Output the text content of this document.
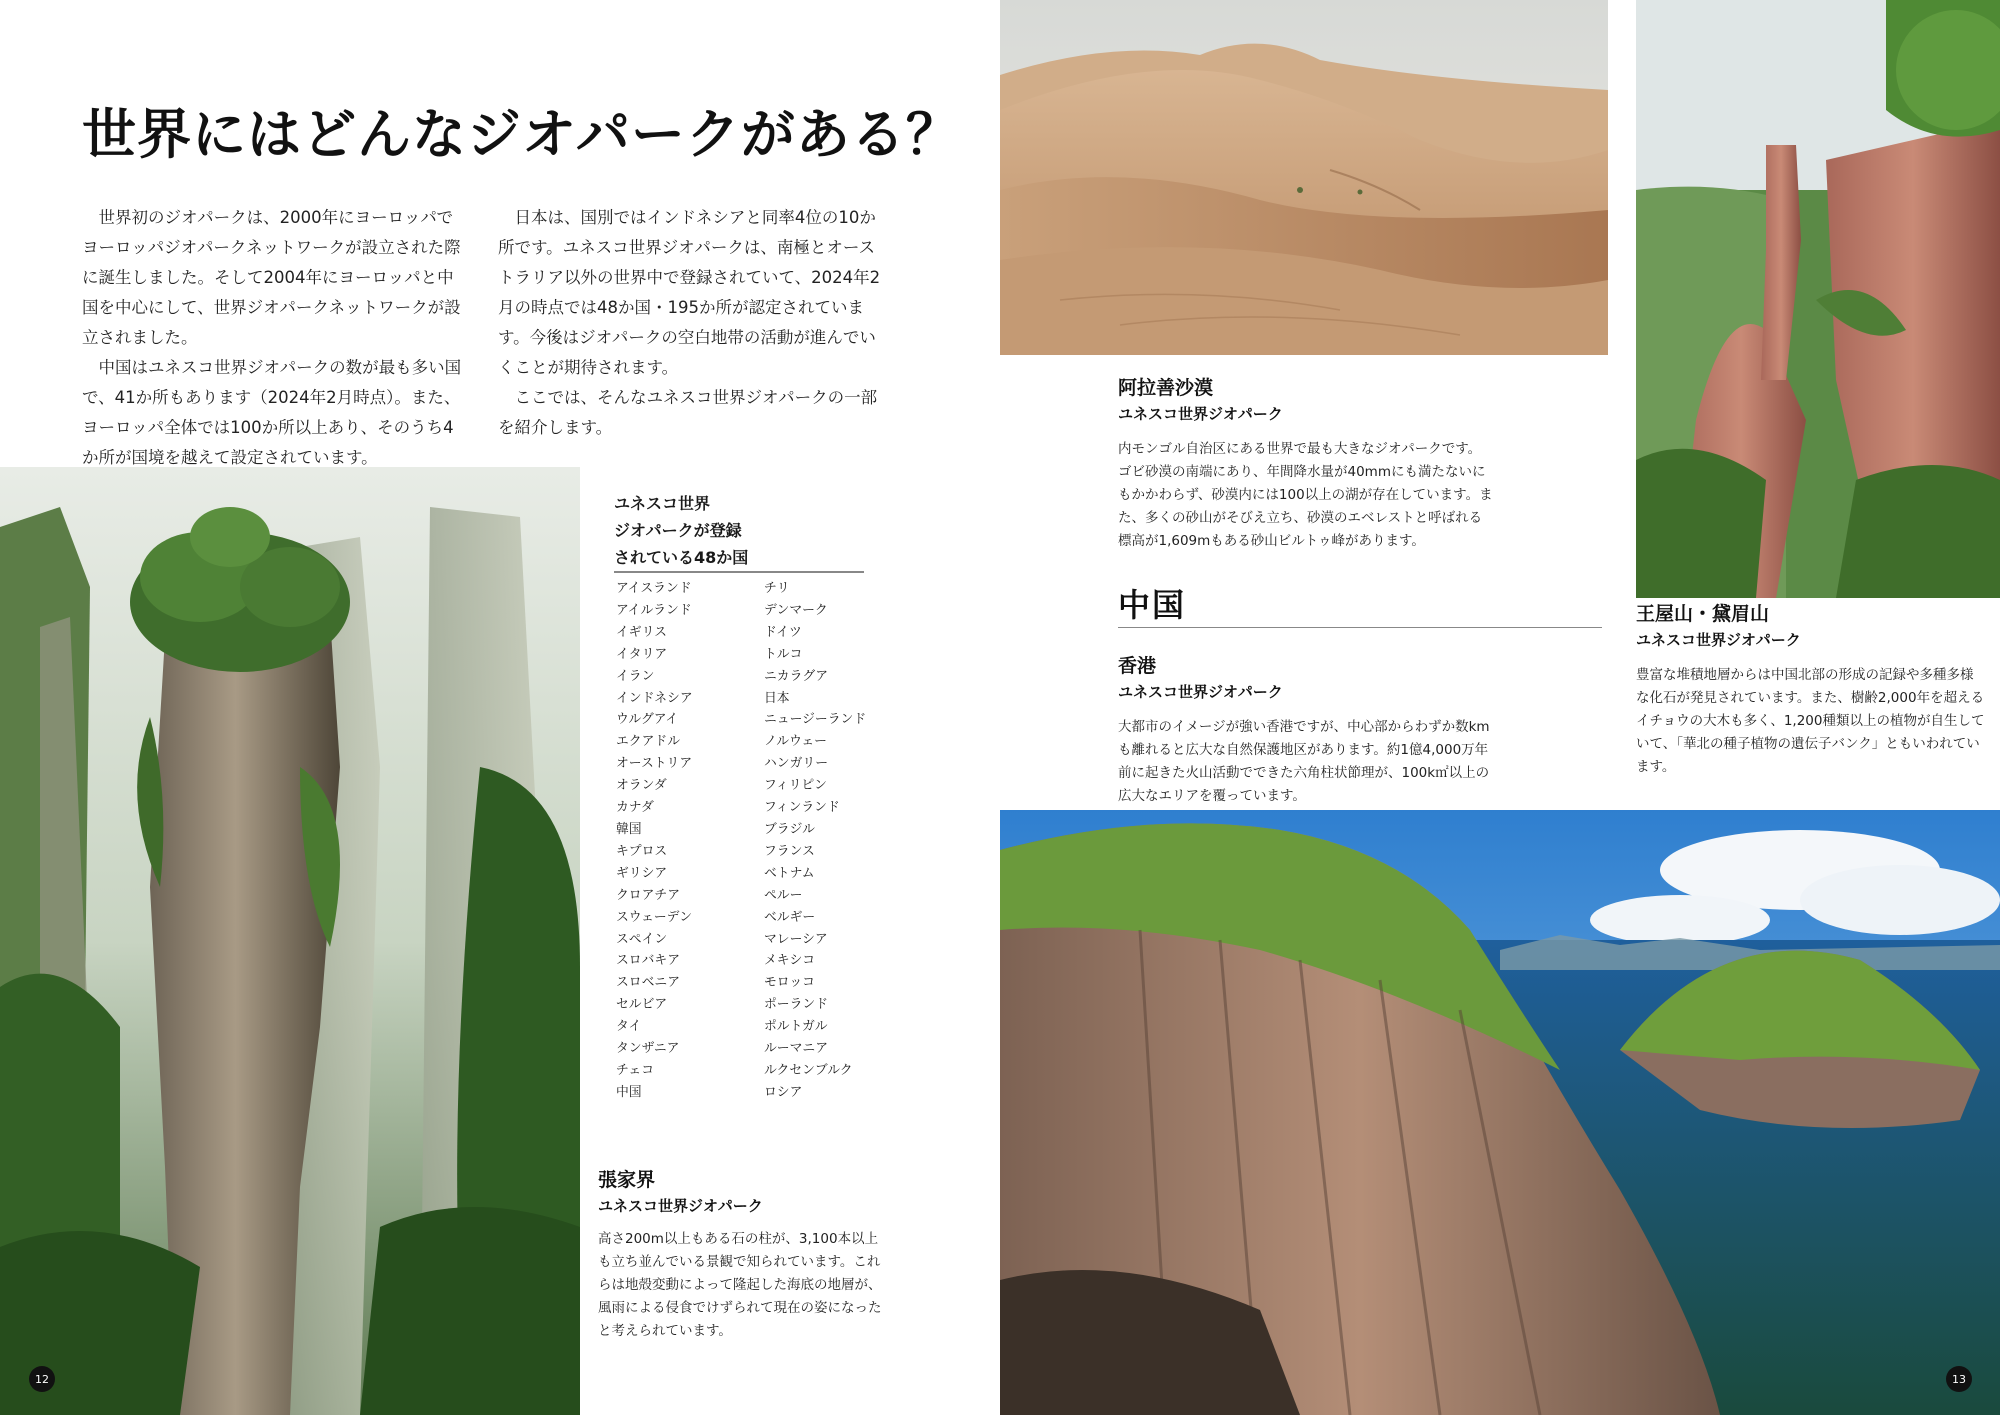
世界にはどんなジオパークがある？

世界初のジオパークは、2000年にヨーロッパでヨーロッパジオパークネットワークが設立された際に誕生しました。そして2004年にヨーロッパと中国を中心にして、世界ジオパークネットワークが設立されました。

中国はユネスコ世界ジオパークの数が最も多い国で、41か所もあります（2024年2月時点）。また、ヨーロッパ全体では100か所以上あり、そのうち4か所が国境を越えて設定されています。

日本は、国別ではインドネシアと同率4位の10か所です。ユネスコ世界ジオパークは、南極とオーストラリア以外の世界中で登録されていて、2024年2月の時点では48か国・195か所が認定されています。今後はジオパークの空白地帯の活動が進んでいくことが期待されます。

ここでは、そんなユネスコ世界ジオパークの一部を紹介します。

12
ユネスコ世界
ジオパークが登録
されている48か国
アイスランド
アイルランド
イギリス
イタリア
イラン
インドネシア
ウルグアイ
エクアドル
オーストリア
オランダ
カナダ
韓国
キプロス
ギリシア
クロアチア
スウェーデン
スペイン
スロバキア
スロベニア
セルビア
タイ
タンザニア
チェコ
中国
チリ
デンマーク
ドイツ
トルコ
ニカラグア
日本
ニュージーランド
ノルウェー
ハンガリー
フィリピン
フィンランド
ブラジル
フランス
ベトナム
ペルー
ベルギー
マレーシア
メキシコ
モロッコ
ポーランド
ポルトガル
ルーマニア
ルクセンブルク
ロシア
張家界
ユネスコ世界ジオパーク
高さ200m以上もある石の柱が、3,100本以上も立ち並んでいる景観で知られています。これらは地殻変動によって隆起した海底の地層が、風雨による侵食でけずられて現在の姿になったと考えられています。
阿拉善沙漠
ユネスコ世界ジオパーク
内モンゴル自治区にある世界で最も大きなジオパークです。ゴビ砂漠の南端にあり、年間降水量が40mmにも満たないにもかかわらず、砂漠内には100以上の湖が存在しています。また、多くの砂山がそびえ立ち、砂漠のエベレストと呼ばれる標高が1,609mもある砂山ビルトゥ峰があります。
中国
香港
ユネスコ世界ジオパーク
大都市のイメージが強い香港ですが、中心部からわずか数kmも離れると広大な自然保護地区があります。約1億4,000万年前に起きた火山活動でできた六角柱状節理が、100k㎡以上の広大なエリアを覆っています。
王屋山・黛眉山
ユネスコ世界ジオパーク
豊富な堆積地層からは中国北部の形成の記録や多種多様な化石が発見されています。また、樹齢2,000年を超えるイチョウの大木も多く、1,200種類以上の植物が自生していて、「華北の種子植物の遺伝子バンク」ともいわれています。
13
